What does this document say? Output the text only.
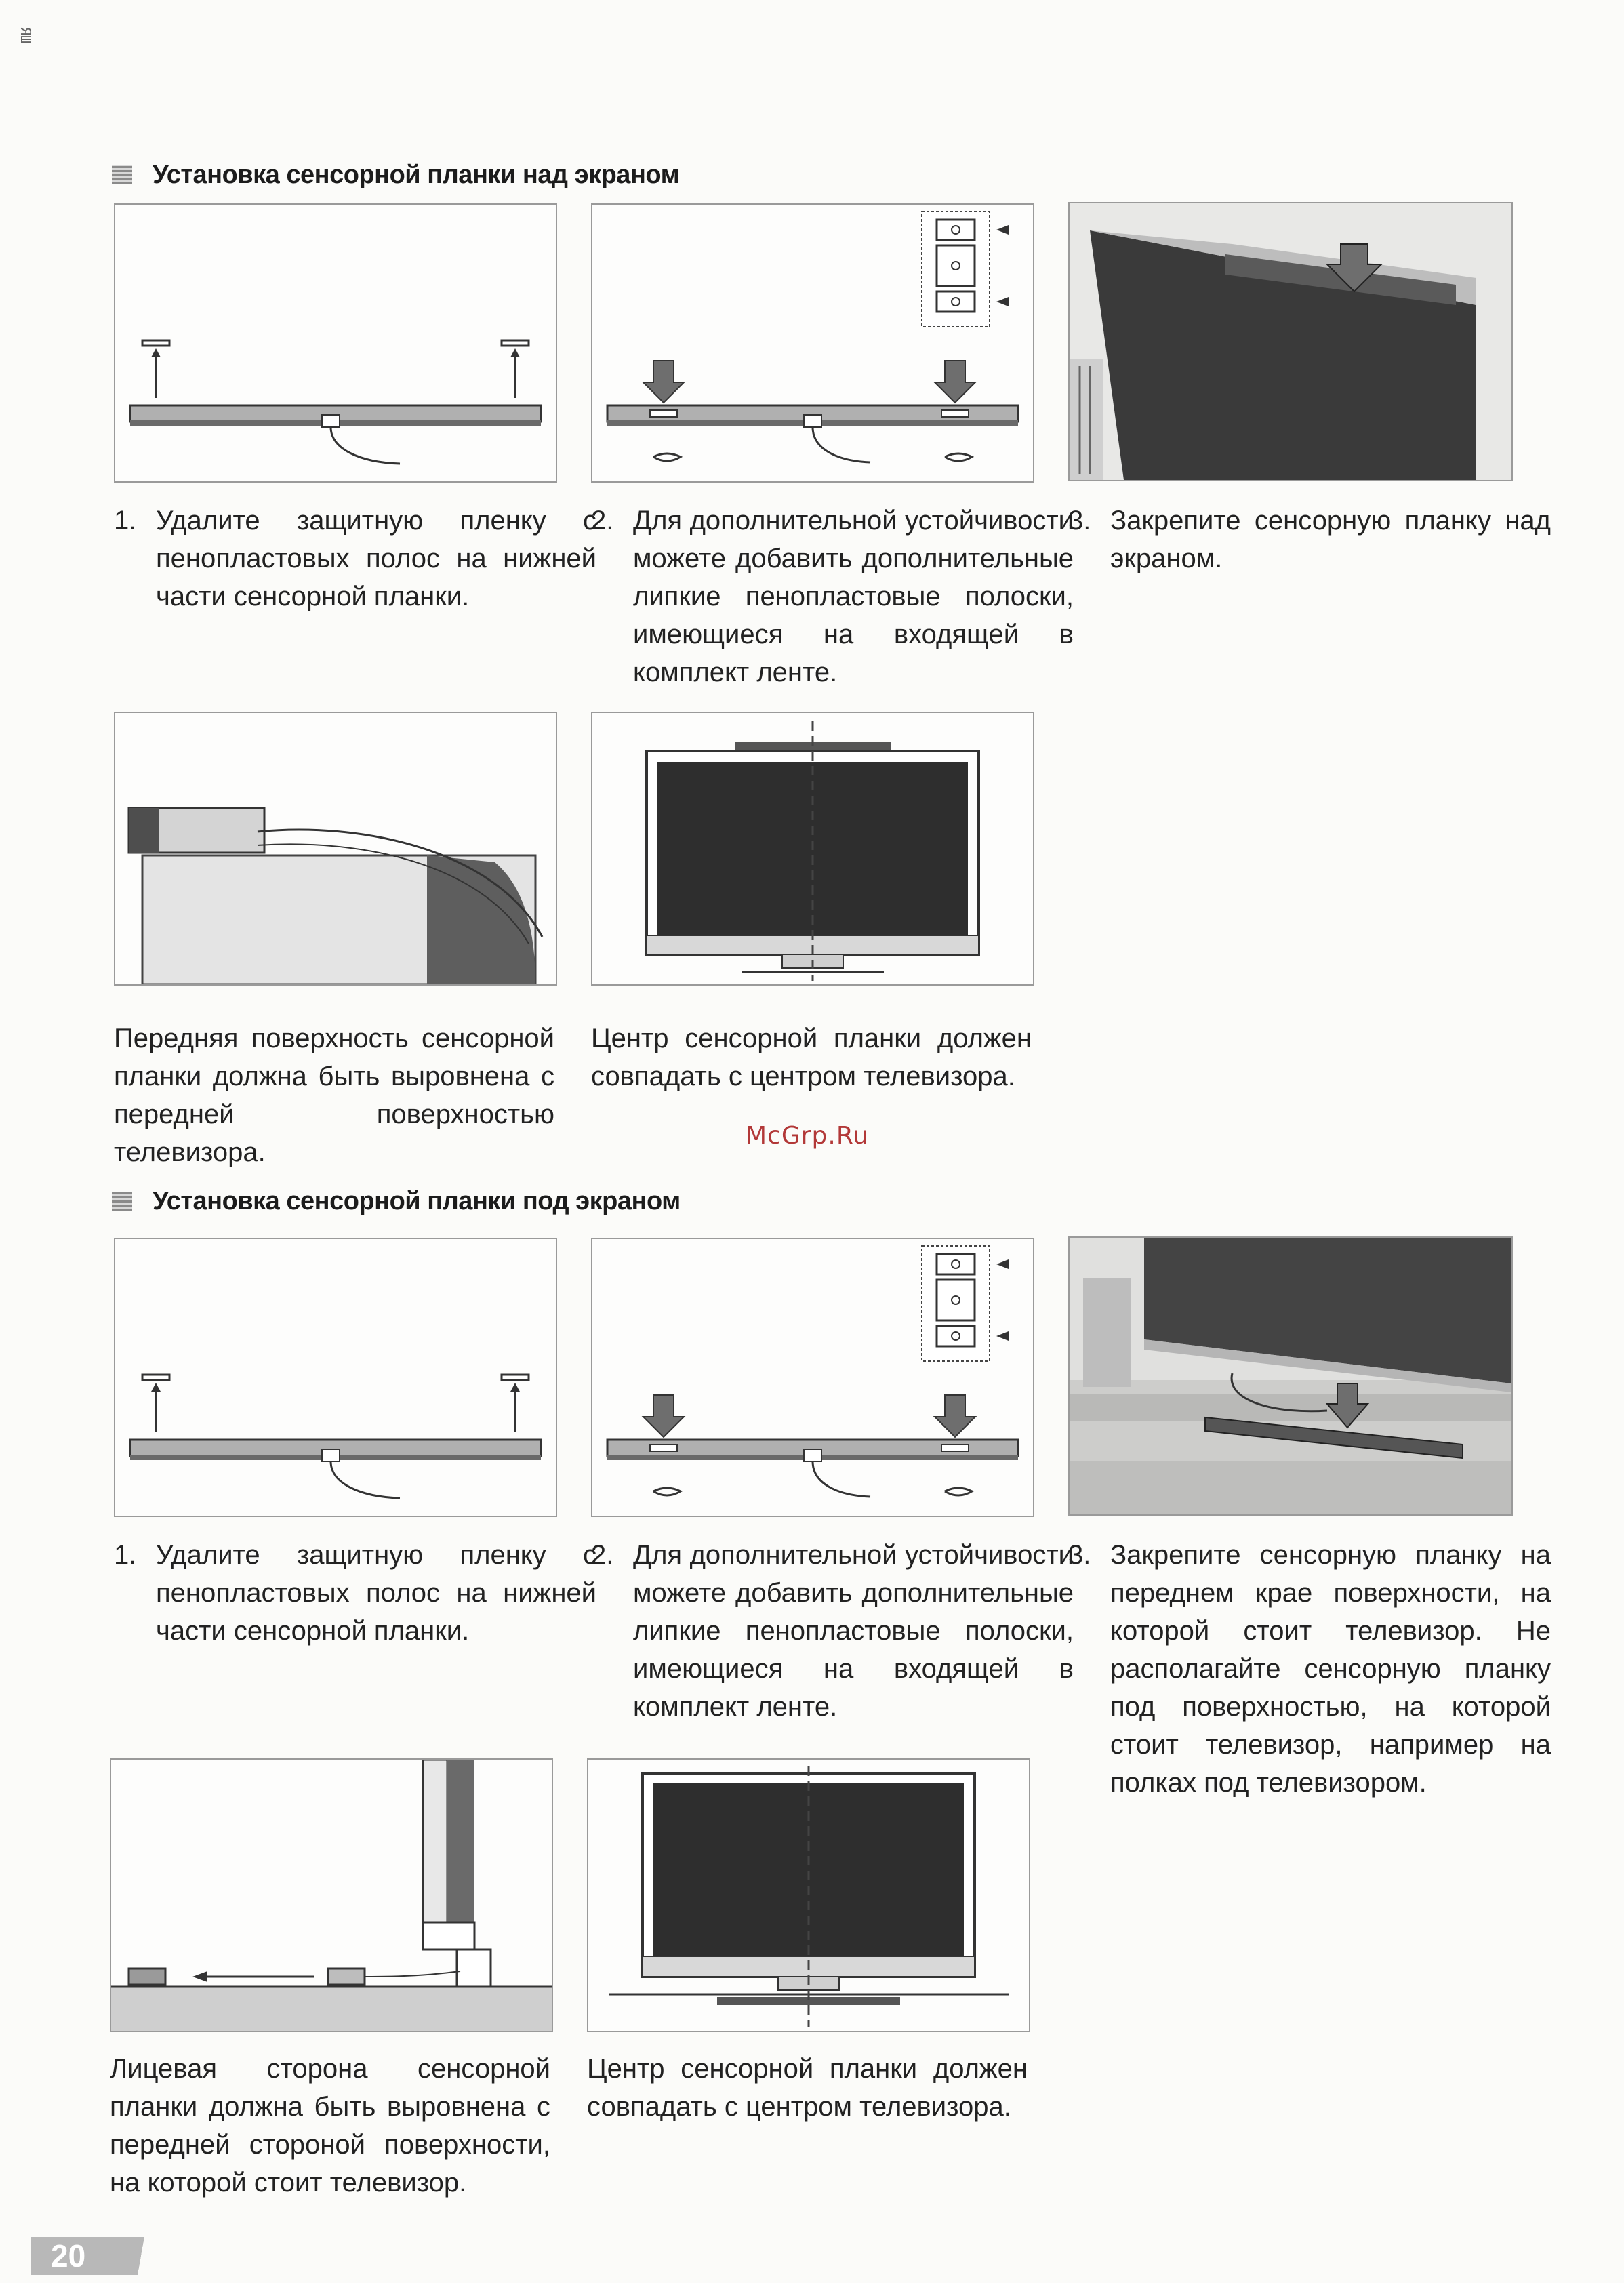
ЯШ
Установка сенсорной планки над экраном
1. Удалите защитную пленку с пенопластовых полос на нижней части сенсорной планки.
2. Для дополнительной устойчивости можете добавить дополнительные липкие пенопластовые полоски, имеющиеся на входящей в комплект ленте.
3. Закрепите сенсорную планку над экраном.
Передняя поверхность сенсорной планки должна быть выровнена с передней поверхностью телевизора.
Центр сенсорной планки должен совпадать с центром телевизора.
McGrp.Ru
Установка сенсорной планки под экраном
1. Удалите защитную пленку с пенопластовых полос на нижней части сенсорной планки.
2. Для дополнительной устойчивости можете добавить дополнительные липкие пенопластовые полоски, имеющиеся на входящей в комплект ленте.
3. Закрепите сенсорную планку на переднем крае поверхности, на которой стоит телевизор. Не располагайте сенсорную планку под поверхностью, на которой стоит телевизор, например на полках под телевизором.
Лицевая сторона сенсорной планки должна быть выровнена с передней стороной поверхности, на которой стоит телевизор.
Центр сенсорной планки должен совпадать с центром телевизора.
20
